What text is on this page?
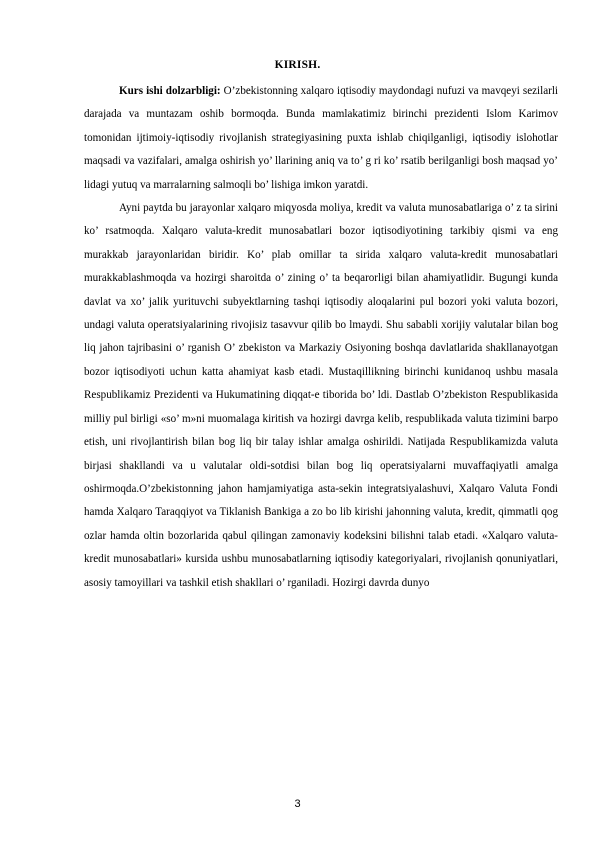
KIRISH.

Kurs ishi dolzarbligi: O’zbekistonning xalqaro iqtisodiy maydondagi nufuzi va mavqeyi sezilarli darajada va muntazam oshib bormoqda. Bunda mamlakatimiz birinchi prezidenti Islom Karimov tomonidan ijtimoiy-iqtisodiy rivojlanish strategiyasining puxta ishlab chiqilganligi, iqtisodiy islohotlar maqsadi va vazifalari, amalga oshirish yo’ llarining aniq va to’ g ri ko’ rsatib berilganligi bosh maqsad yo’ lidagi yutuq va marralarning salmoqli bo’ lishiga imkon yaratdi.

Ayni paytda bu jarayonlar xalqaro miqyosda moliya, kredit va valuta munosabatlariga o’ z ta sirini ko’ rsatmoqda. Xalqaro valuta-kredit munosabatlari bozor iqtisodiyotining tarkibiy qismi va eng murakkab jarayonlaridan biridir. Ko’ plab omillar ta sirida xalqaro valuta-kredit munosabatlari murakkablashmoqda va hozirgi sharoitda o’ zining o’ ta beqarorligi bilan ahamiyatlidir. Bugungi kunda davlat va xo’ jalik yurituvchi subyektlarning tashqi iqtisodiy aloqalarini pul bozori yoki valuta bozori, undagi valuta operatsiyalarining rivojisiz tasavvur qilib bo lmaydi. Shu sababli xorijiy valutalar bilan bog liq jahon tajribasini o’ rganish O’ zbekiston va Markaziy Osiyoning boshqa davlatlarida shakllanayotgan bozor iqtisodiyoti uchun katta ahamiyat kasb etadi. Mustaqillikning birinchi kunidanoq ushbu masala Respublikamiz Prezidenti va Hukumatining diqqat-e tiborida bo’ ldi. Dastlab O’zbekiston Respublikasida milliy pul birligi «so’ m»ni muomalaga kiritish va hozirgi davrga kelib, respublikada valuta tizimini barpo etish, uni rivojlantirish bilan bog liq bir talay ishlar amalga oshirildi. Natijada Respublikamizda valuta birjasi shakllandi va u valutalar oldi-sotdisi bilan bog liq operatsiyalarni muvaffaqiyatli amalga oshirmoqda.O’zbekistonning jahon hamjamiyatiga asta-sekin integratsiyalashuvi, Xalqaro Valuta Fondi hamda Xalqaro Taraqqiyot va Tiklanish Bankiga a zo bo lib kirishi jahonning valuta, kredit, qimmatli qog ozlar hamda oltin bozorlarida qabul qilingan zamonaviy kodeksini bilishni talab etadi. «Xalqaro valuta-kredit munosabatlari» kursida ushbu munosabatlarning iqtisodiy kategoriyalari, rivojlanish qonuniyatlari, asosiy tamoyillari va tashkil etish shakllari o’ rganiladi. Hozirgi davrda dunyo

3
